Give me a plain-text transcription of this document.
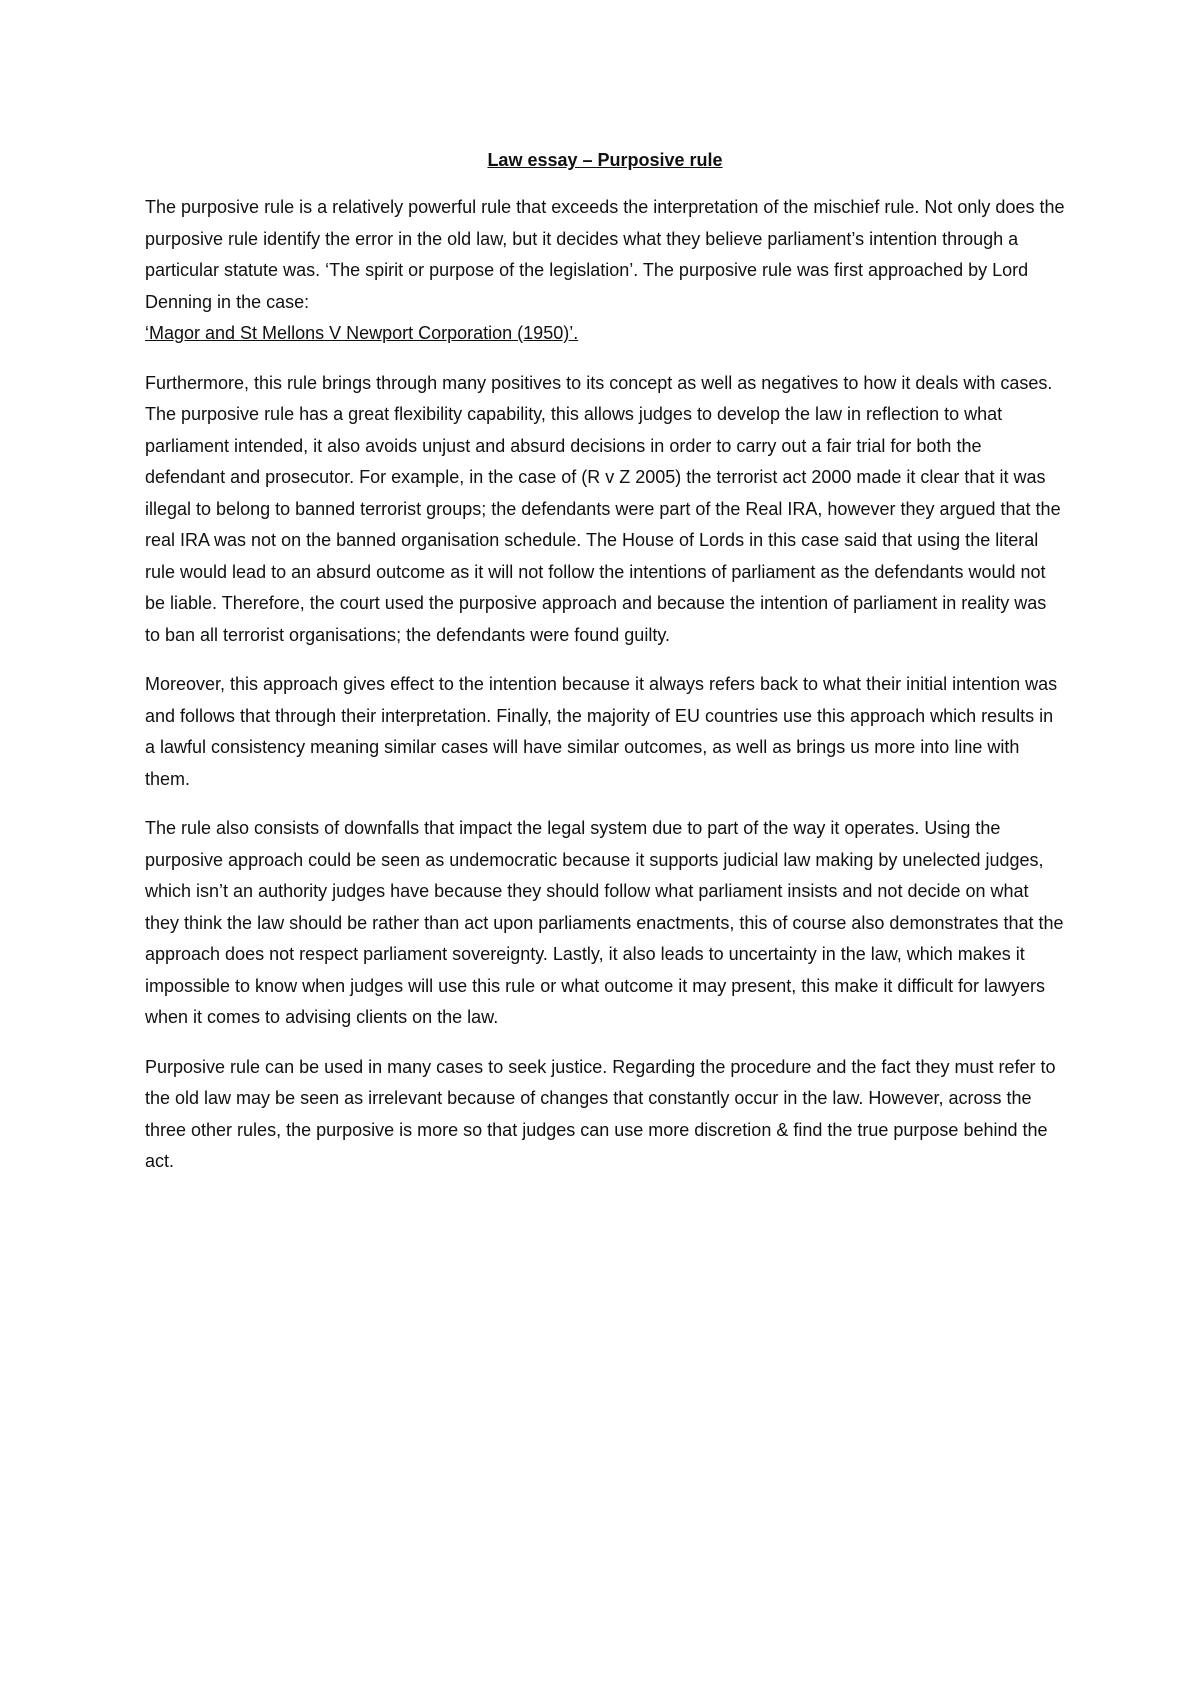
Law essay – Purposive rule

The purposive rule is a relatively powerful rule that exceeds the interpretation of the mischief rule. Not only does the purposive rule identify the error in the old law, but it decides what they believe parliament’s intention through a particular statute was. ‘The spirit or purpose of the legislation’. The purposive rule was first approached by Lord Denning in the case:
‘Magor and St Mellons V Newport Corporation (1950)’.

Furthermore, this rule brings through many positives to its concept as well as negatives to how it deals with cases. The purposive rule has a great flexibility capability, this allows judges to develop the law in reflection to what parliament intended, it also avoids unjust and absurd decisions in order to carry out a fair trial for both the defendant and prosecutor. For example, in the case of (R v Z 2005) the terrorist act 2000 made it clear that it was illegal to belong to banned terrorist groups; the defendants were part of the Real IRA, however they argued that the real IRA was not on the banned organisation schedule. The House of Lords in this case said that using the literal rule would lead to an absurd outcome as it will not follow the intentions of parliament as the defendants would not be liable. Therefore, the court used the purposive approach and because the intention of parliament in reality was to ban all terrorist organisations; the defendants were found guilty.

Moreover, this approach gives effect to the intention because it always refers back to what their initial intention was and follows that through their interpretation. Finally, the majority of EU countries use this approach which results in a lawful consistency meaning similar cases will have similar outcomes, as well as brings us more into line with them.

The rule also consists of downfalls that impact the legal system due to part of the way it operates. Using the purposive approach could be seen as undemocratic because it supports judicial law making by unelected judges, which isn’t an authority judges have because they should follow what parliament insists and not decide on what they think the law should be rather than act upon parliaments enactments, this of course also demonstrates that the approach does not respect parliament sovereignty. Lastly, it also leads to uncertainty in the law, which makes it impossible to know when judges will use this rule or what outcome it may present, this make it difficult for lawyers when it comes to advising clients on the law.

Purposive rule can be used in many cases to seek justice. Regarding the procedure and the fact they must refer to the old law may be seen as irrelevant because of changes that constantly occur in the law. However, across the three other rules, the purposive is more so that judges can use more discretion & find the true purpose behind the act.
